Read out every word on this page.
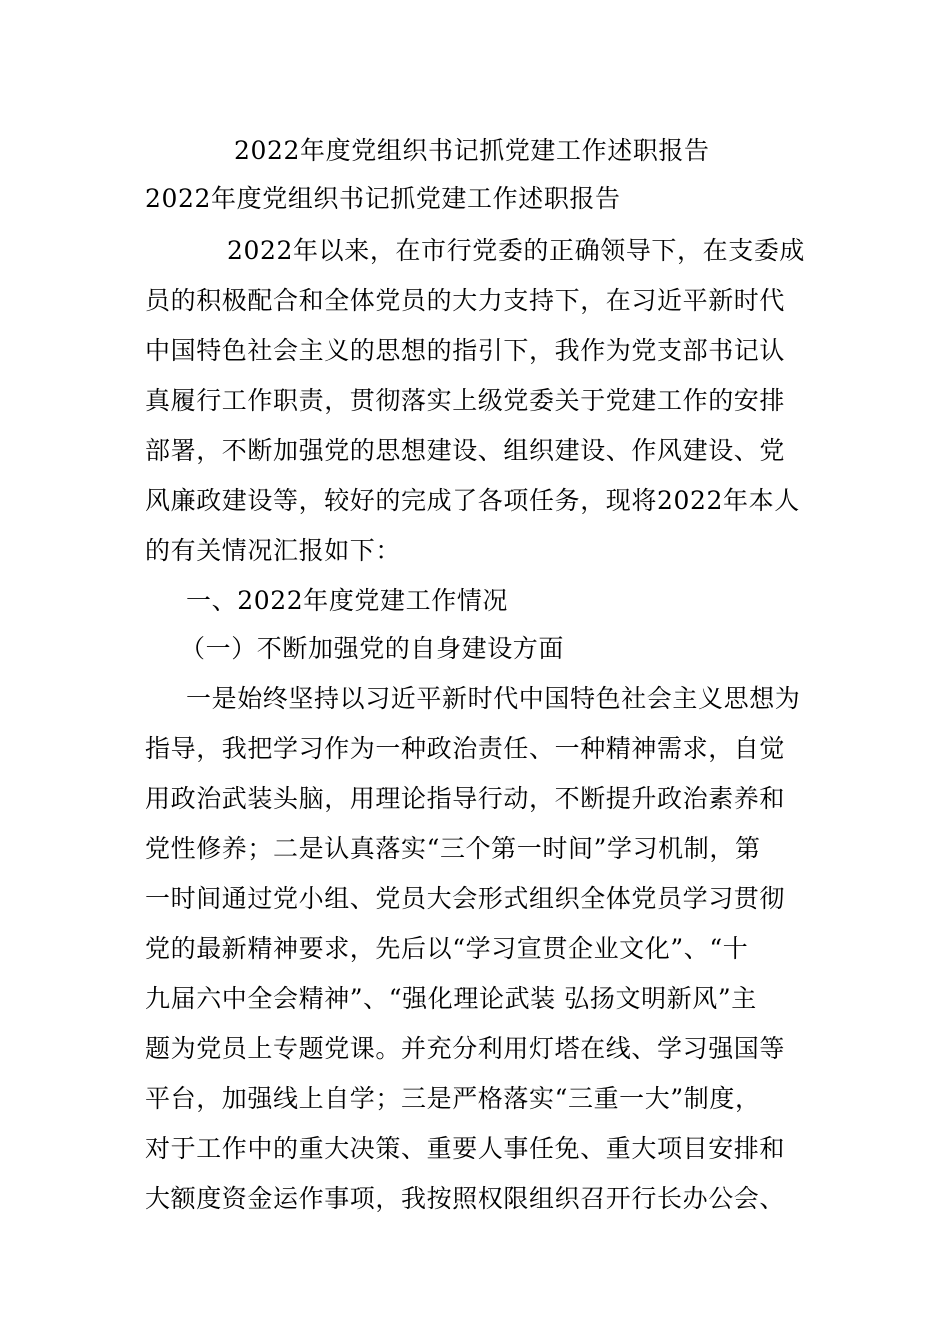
2022年度党组织书记抓党建工作述职报告
2022年度党组织书记抓党建工作述职报告
2022年以来，在市行党委的正确领导下，在支委成
员的积极配合和全体党员的大力支持下，在习近平新时代
中国特色社会主义的思想的指引下，我作为党支部书记认
真履行工作职责，贯彻落实上级党委关于党建工作的安排
部署，不断加强党的思想建设、组织建设、作风建设、党
风廉政建设等，较好的完成了各项任务，现将2022年本人
的有关情况汇报如下：
一、2022年度党建工作情况
（一）不断加强党的自身建设方面
一是始终坚持以习近平新时代中国特色社会主义思想为
指导，我把学习作为一种政治责任、一种精神需求，自觉
用政治武装头脑，用理论指导行动，不断提升政治素养和
党性修养；二是认真落实“三个第一时间”学习机制，第
一时间通过党小组、党员大会形式组织全体党员学习贯彻
党的最新精神要求，先后以“学习宣贯企业文化”、“十
九届六中全会精神”、“强化理论武装 弘扬文明新风”主
题为党员上专题党课。并充分利用灯塔在线、学习强国等
平台，加强线上自学；三是严格落实“三重一大”制度，
对于工作中的重大决策、重要人事任免、重大项目安排和
大额度资金运作事项，我按照权限组织召开行长办公会、
